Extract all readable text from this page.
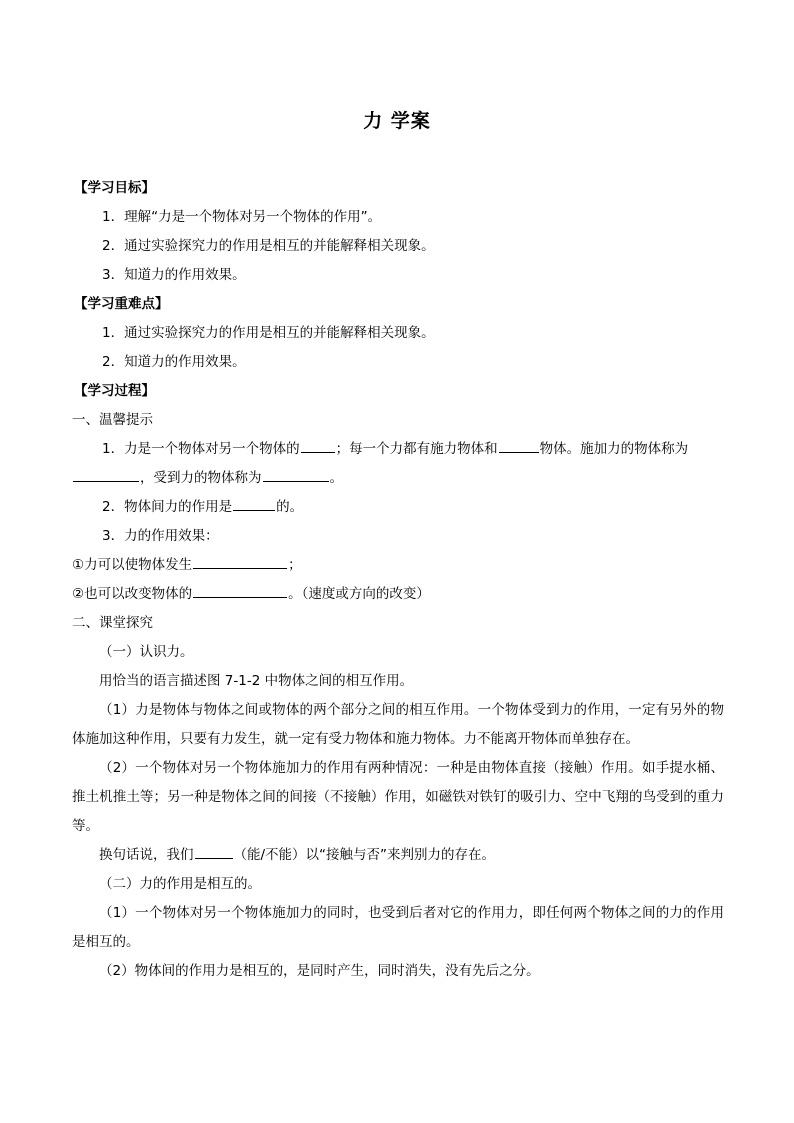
力 学案
【学习目标】
1．理解“力是一个物体对另一个物体的作用”。
2．通过实验探究力的作用是相互的并能解释相关现象。
3．知道力的作用效果。
【学习重难点】
1．通过实验探究力的作用是相互的并能解释相关现象。
2．知道力的作用效果。
【学习过程】
一、温馨提示
1．力是一个物体对另一个物体的	；每一个力都有施力物体和	物体。施加力的物体称为
，受到力的物体称为	。
2．物体间力的作用是	的。
3．力的作用效果：
①力可以使物体发生	；
②也可以改变物体的	。（速度或方向的改变）
二、课堂探究
（一）认识力。
用恰当的语言描述图 7-1-2 中物体之间的相互作用。
（1）力是物体与物体之间或物体的两个部分之间的相互作用。一个物体受到力的作用，一定有另外的物体施加这种作用，只要有力发生，就一定有受力物体和施力物体。力不能离开物体而单独存在。
（2）一个物体对另一个物体施加力的作用有两种情况：一种是由物体直接（接触）作用。如手提水桶、推土机推土等；另一种是物体之间的间接（不接触）作用，如磁铁对铁钉的吸引力、空中飞翔的鸟受到的重力等。
换句话说，我们	（能/不能）以“接触与否”来判别力的存在。
（二）力的作用是相互的。
（1）一个物体对另一个物体施加力的同时，也受到后者对它的作用力，即任何两个物体之间的力的作用是相互的。
（2）物体间的作用力是相互的，是同时产生，同时消失，没有先后之分。
